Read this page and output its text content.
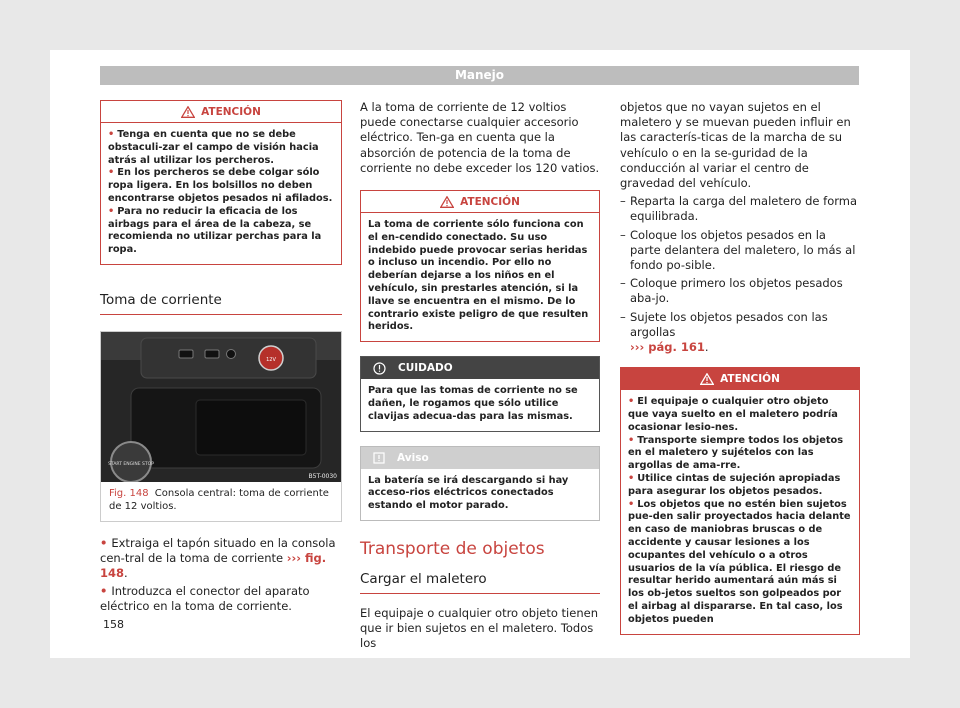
Manejo
ATENCIÓN
• Tenga en cuenta que no se debe obstaculi-zar el campo de visión hacia atrás al utilizar los percheros.
• En los percheros se debe colgar sólo ropa ligera. En los bolsillos no deben encontrarse objetos pesados ni afilados.
• Para no reducir la eficacia de los airbags para el área de la cabeza, se recomienda no utilizar perchas para la ropa.
Toma de corriente
12V
START ENGINE STOP
B5T-0030
Fig. 148 Consola central: toma de corriente de 12 voltios.

• Extraiga el tapón situado en la consola cen-tral de la toma de corriente ››› fig. 148.

• Introduzca el conector del aparato eléctrico en la toma de corriente.

A la toma de corriente de 12 voltios puede conectarse cualquier accesorio eléctrico. Ten-ga en cuenta que la absorción de potencia de la toma de corriente no debe exceder los 120 vatios.

ATENCIÓN
La toma de corriente sólo funciona con el en-cendido conectado. Su uso indebido puede provocar serias heridas o incluso un incendio. Por ello no deberían dejarse a los niños en el vehículo, sin prestarles atención, si la llave se encuentra en el mismo. De lo contrario existe peligro de que resulten heridos.
CUIDADO
Para que las tomas de corriente no se dañen, le rogamos que sólo utilice clavijas adecua-das para las mismas.
Aviso
La batería se irá descargando si hay acceso-rios eléctricos conectados estando el motor parado.
Transporte de objetos
Cargar el maletero

El equipaje o cualquier otro objeto tienen que ir bien sujetos en el maletero. Todos los

objetos que no vayan sujetos en el maletero y se muevan pueden influir en las caracterís-ticas de la marcha de su vehículo o en la se-guridad de la conducción al variar el centro de gravedad del vehículo.

– Reparta la carga del maletero de forma equilibrada.
– Coloque los objetos pesados en la parte delantera del maletero, lo más al fondo po-sible.
– Coloque primero los objetos pesados aba-jo.
– Sujete los objetos pesados con las argollas
››› pág. 161.
ATENCIÓN
• El equipaje o cualquier otro objeto que vaya suelto en el maletero podría ocasionar lesio-nes.
• Transporte siempre todos los objetos en el maletero y sujételos con las argollas de ama-rre.
• Utilice cintas de sujeción apropiadas para asegurar los objetos pesados.
• Los objetos que no estén bien sujetos pue-den salir proyectados hacia delante en caso de maniobras bruscas o de accidente y causar lesiones a los ocupantes del vehículo o a otros usuarios de la vía pública. El riesgo de resultar herido aumentará aún más si los ob-jetos sueltos son golpeados por el airbag al dispararse. En tal caso, los objetos pueden
158
